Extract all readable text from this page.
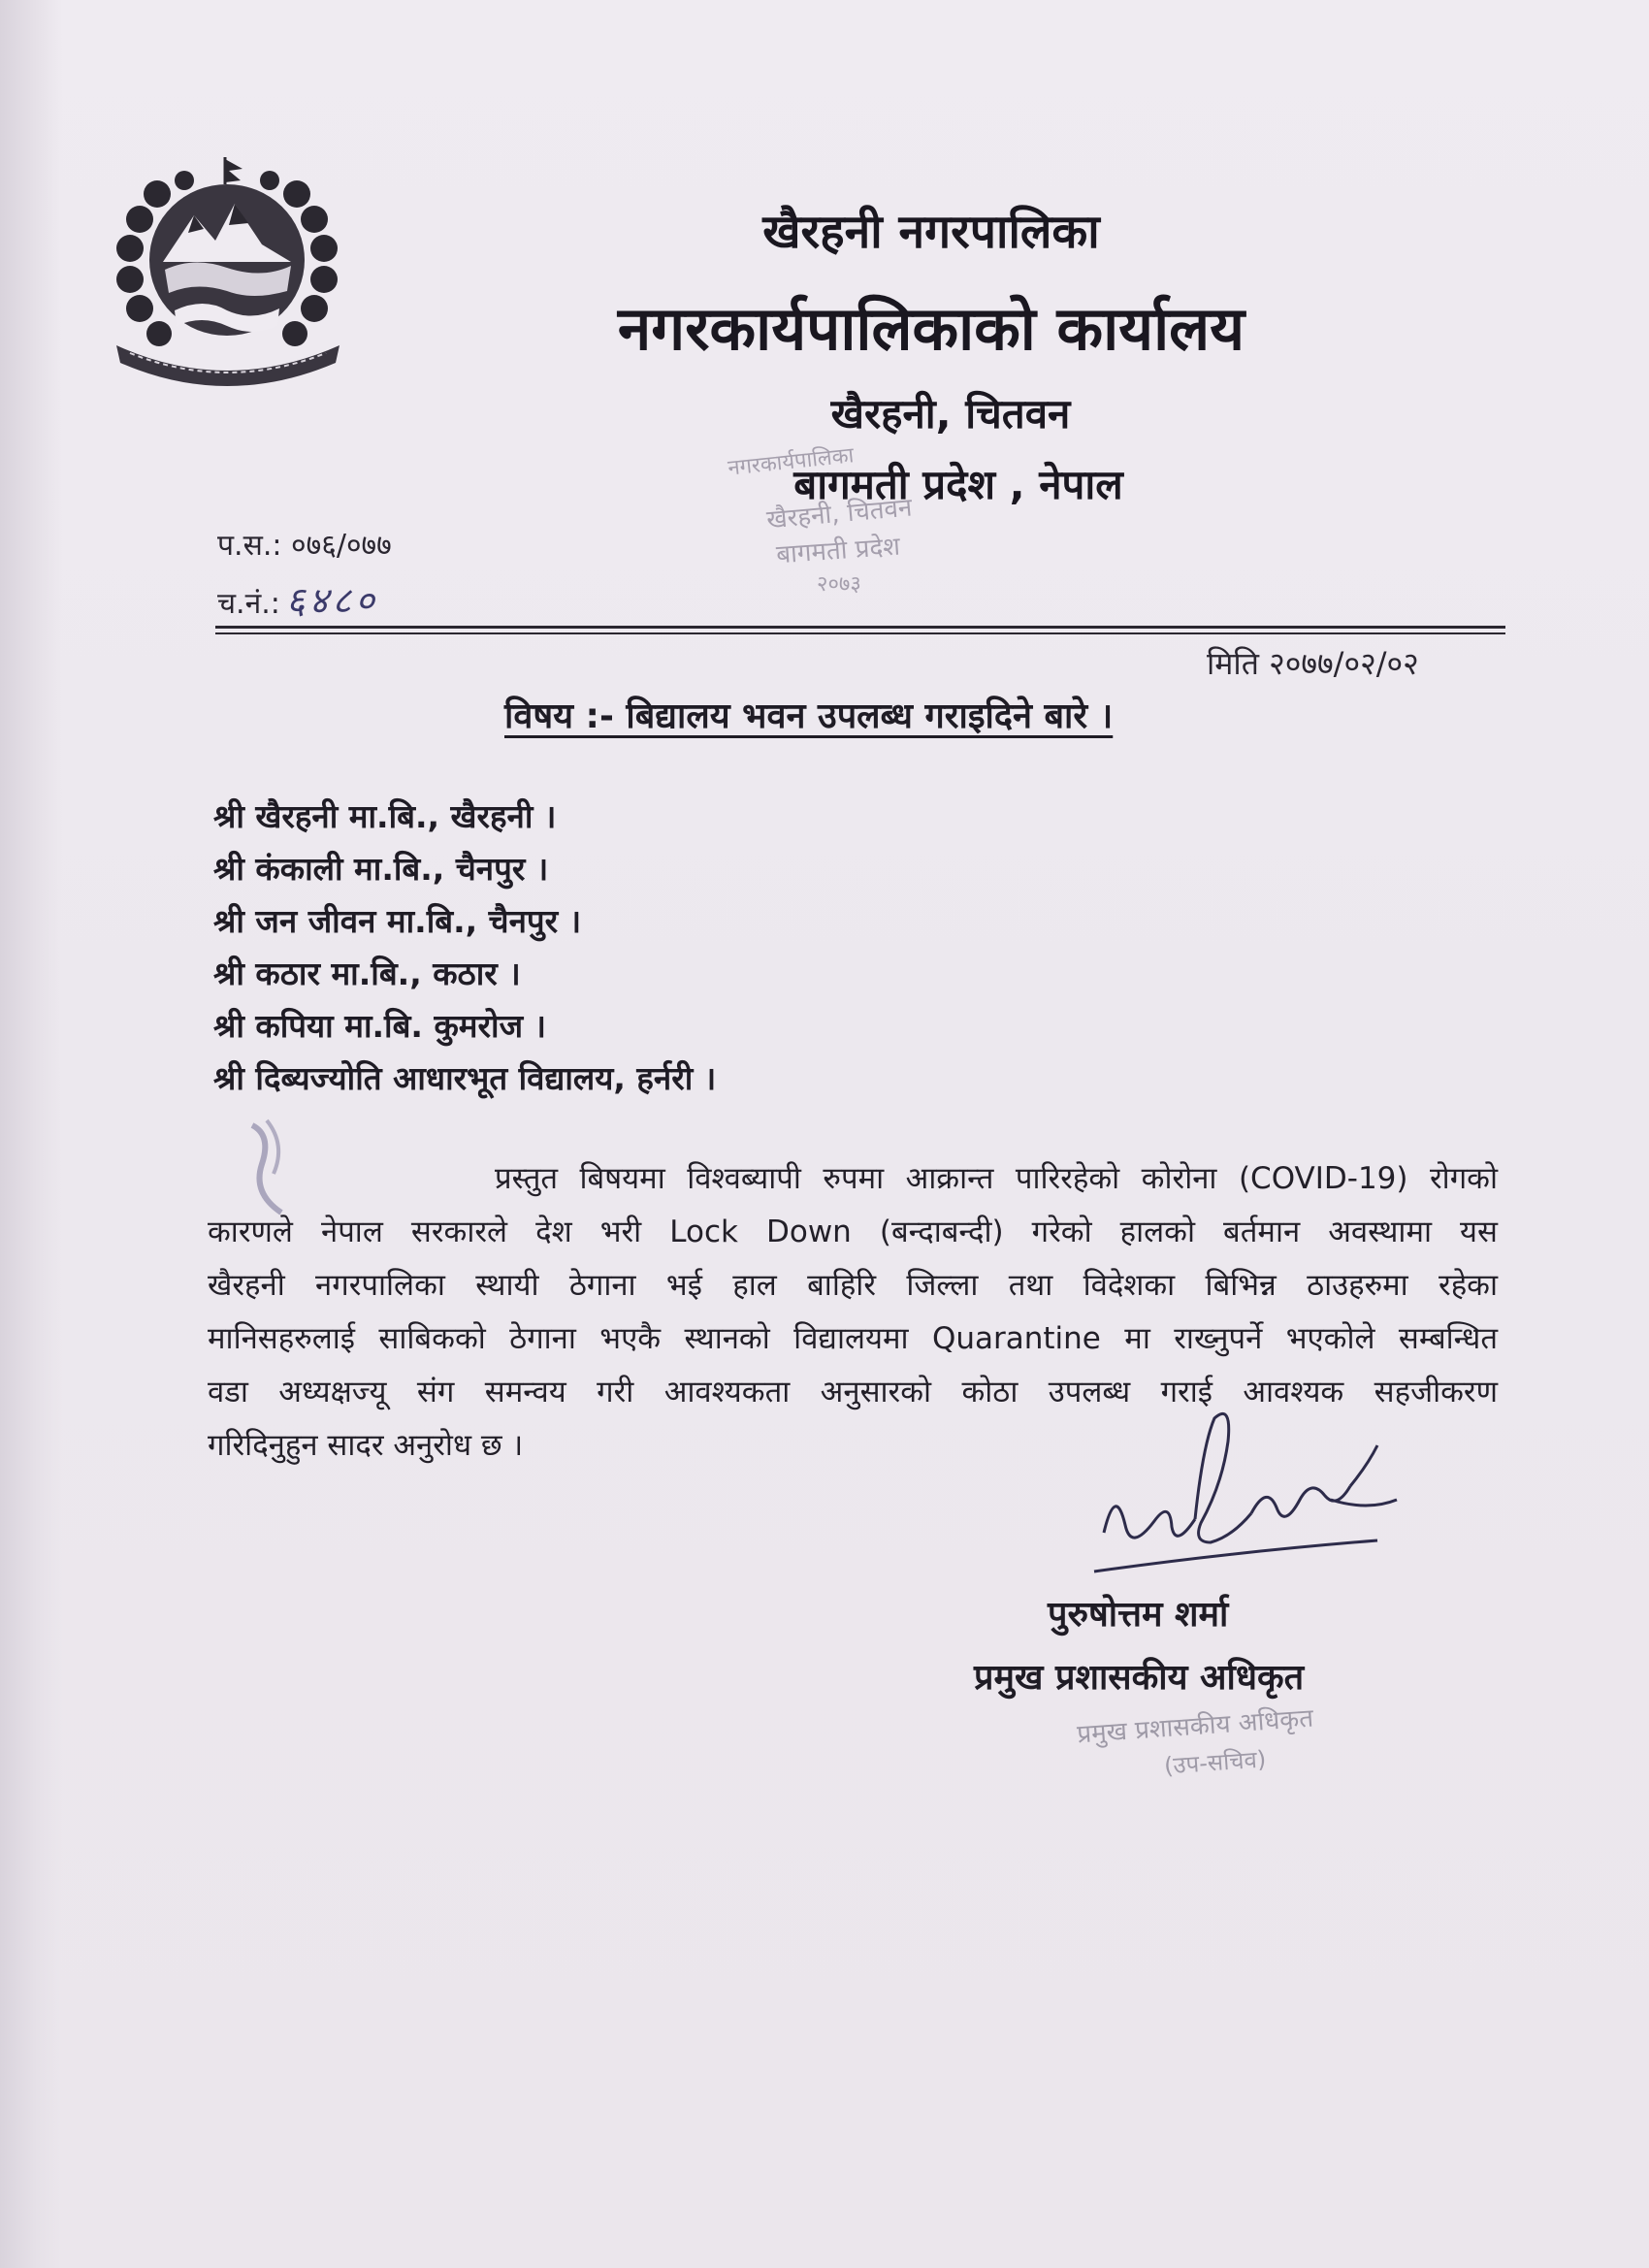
खैरहनी नगरपालिका
नगरकार्यपालिकाको कार्यालय
खैरहनी, चितवन
बागमती प्रदेश , नेपाल
नगरकार्यपालिका
खैरहनी, चितवन
बागमती प्रदेश
२०७३
प.स.: ०७६/०७७
च.नं.: ६४८०
मिति २०७७/०२/०२
विषय :- बिद्यालय भवन उपलब्ध गराइदिने बारे ।
श्री खैरहनी मा.बि., खैरहनी ।
श्री कंकाली मा.बि., चैनपुर ।
श्री जन जीवन मा.बि., चैनपुर ।
श्री कठार मा.बि., कठार ।
श्री कपिया मा.बि. कुमरोज ।
श्री दिब्यज्योति आधारभूत विद्यालय, हर्नरी ।
प्रस्तुत बिषयमा विश्वब्यापी रुपमा आक्रान्त पारिरहेको कोरोना (COVID-19) रोगको
कारणले नेपाल सरकारले देश भरी Lock Down (बन्दाबन्दी) गरेको हालको बर्तमान अवस्थामा यस
खैरहनी नगरपालिका स्थायी ठेगाना भई हाल बाहिरि जिल्ला तथा विदेशका बिभिन्न ठाउहरुमा रहेका
मानिसहरुलाई साबिकको ठेगाना भएकै स्थानको विद्यालयमा Quarantine मा राख्नुपर्ने भएकोले सम्बन्धित
वडा अध्यक्षज्यू संग समन्वय गरी आवश्यकता अनुसारको कोठा उपलब्ध गराई आवश्यक सहजीकरण
गरिदिनुहुन सादर अनुरोध छ ।
पुरुषोत्तम शर्मा
प्रमुख प्रशासकीय अधिकृत
प्रमुख प्रशासकीय अधिकृत
(उप-सचिव)
